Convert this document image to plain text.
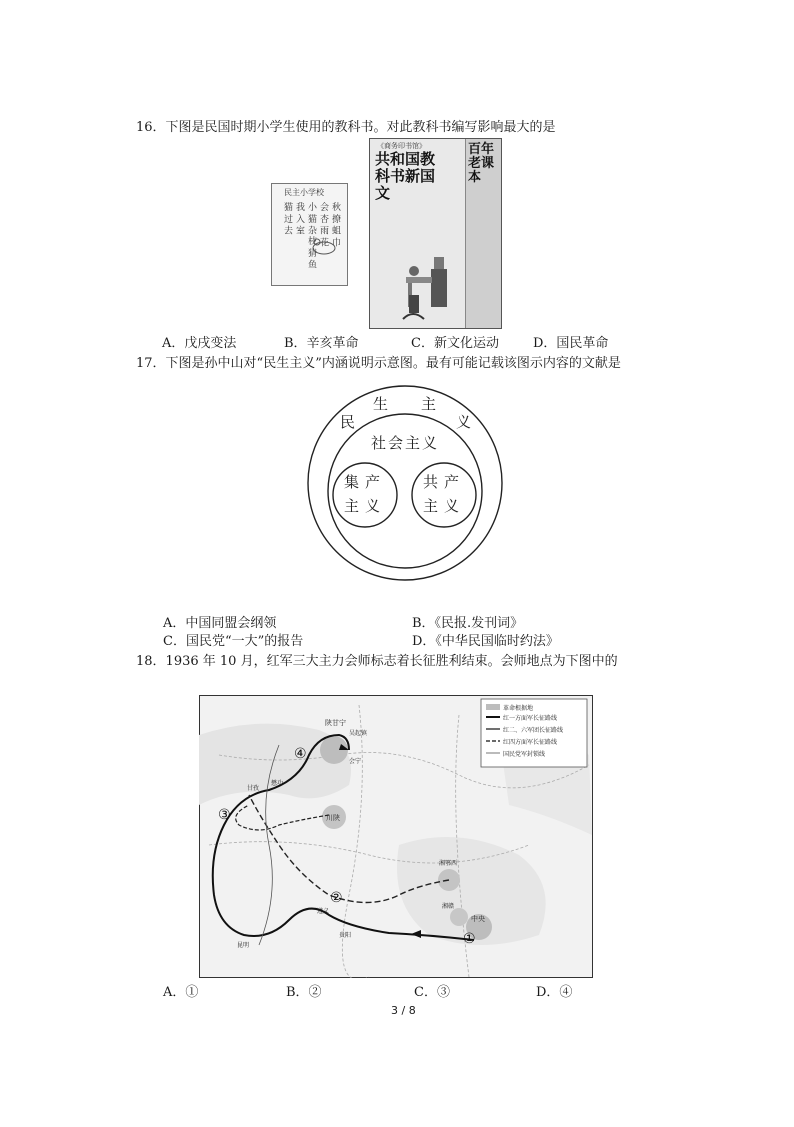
16．下图是民国时期小学生使用的教科书。对此教科书编写影响最大的是
民主小学校
秋 撩 蛆 巾
会 杏 雨 花
小 猫 杂
枝 猜 鱼
我 入 室
猫 过 去
《商务印书馆》
共和国教科书新国文
百年老课本
A．戊戌变法	B．辛亥革命	C．新文化运动	D．国民革命
17．下图是孙中山对“民生主义”内涵说明示意图。最有可能记载该图示内容的文献是
民
生 主
义
社会主义
集产
主义
共产
主义
A．中国同盟会纲领	B．《民报.发刊词》
C．国民党“一大”的报告	D．《中华民国临时约法》
18．1936 年 10 月，红军三大主力会师标志着长征胜利结束。会师地点为下图中的
革命根据地
红一方面军长征路线
红二、六军团长征路线
红四方面军长征路线
国民党军封锁线
陕甘宁
吴起镇
会宁
川陕
湘鄂西
湘赣
中央
遵义
昆明
贵阳
懋功
甘孜
①
②
③
④
A．①	B．②	C．③	D．④
3 / 8
